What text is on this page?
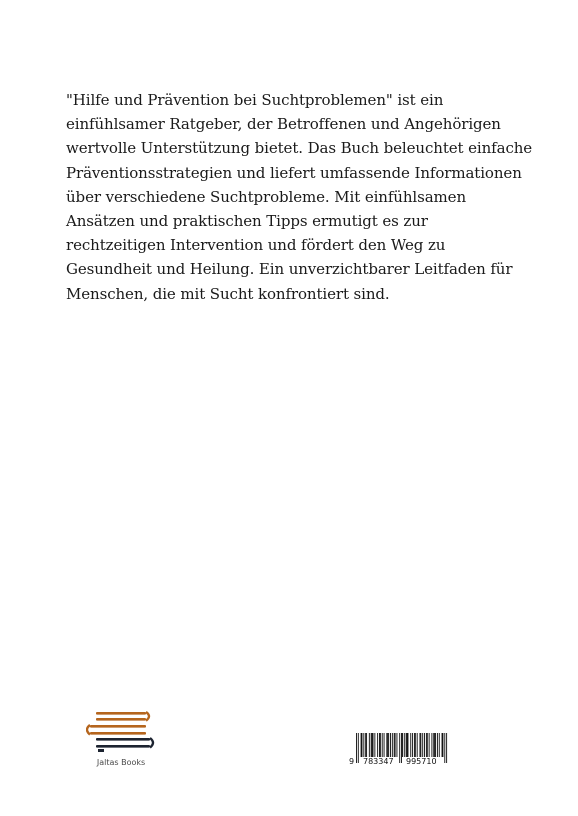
"Hilfe und Prävention bei Suchtproblemen" ist ein
einfühlsamer Ratgeber, der Betroffenen und Angehörigen
wertvolle Unterstützung bietet. Das Buch beleuchtet einfache
Präventionsstrategien und liefert umfassende Informationen
über verschiedene Suchtprobleme. Mit einfühlsamen
Ansätzen und praktischen Tipps ermutigt es zur
rechtzeitigen Intervention und fördert den Weg zu
Gesundheit und Heilung. Ein unverzichtbarer Leitfaden für
Menschen, die mit Sucht konfrontiert sind.
Jaltas Books	9 783347 995710
